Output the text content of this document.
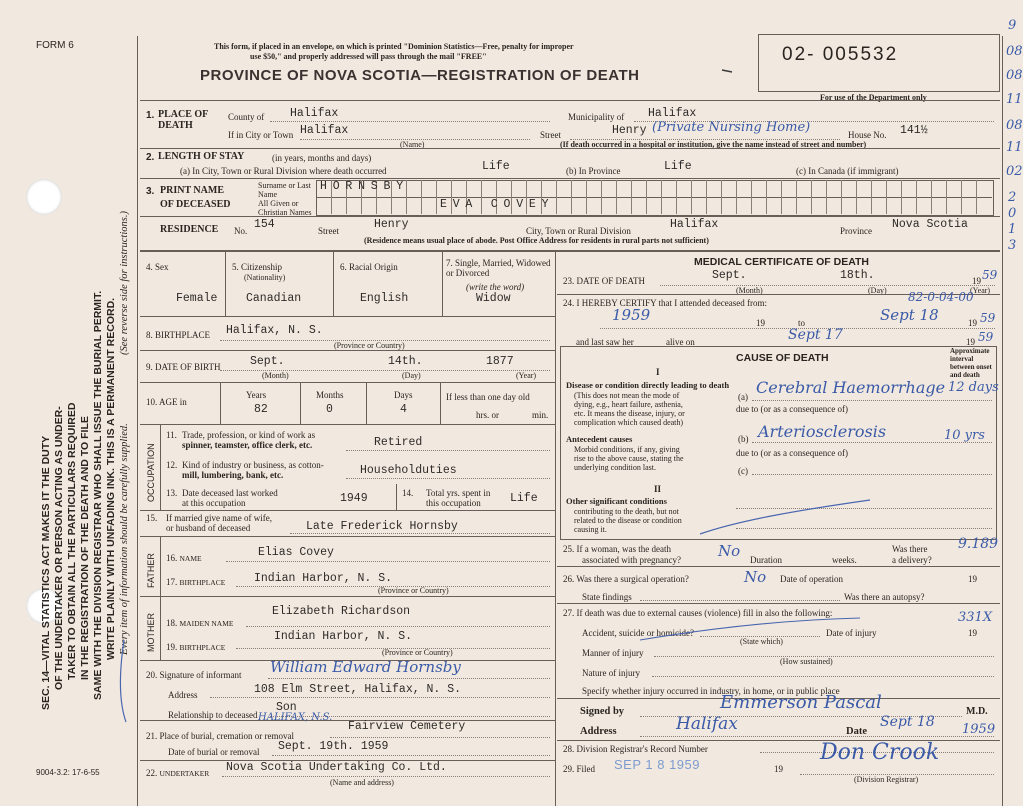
FORM 6
SEC. 14—VITAL STATISTICS ACT MAKES IT THE DUTY OF THE UNDERTAKER OR PERSON ACTING AS UNDER- TAKER TO OBTAIN ALL THE PARTICULARS REQUIRED IN THE REGISTRATION OF THE DEATH AND TO FILE SAME WITH THE DIVISION REGISTRAR WHO SHALL ISSUE THE BURIAL PERMIT. WRITE PLAINLY WITH UNFADING INK. THIS IS A PERMANENT RECORD. Every item of information should be carefully supplied.
(See reverse side for instructions.)
This form, if placed in an envelope, on which is printed "Dominion Statistics—Free, penalty for improper
use $50," and properly addressed will pass through the mail "FREE"
PROVINCE OF NOVA SCOTIA—REGISTRATION OF DEATH
02- 005532
For use of the Department only
9
08
08
11
08
11
02
2
0
1
3
1. PLACE OF DEATH
County of Halifax	Municipality of Halifax
If in City or Town Halifax
(Name)
Street	Henry (Private Nursing Home)	House No. 141½
(If death occurred in a hospital or institution, give the name instead of street and number)
2. LENGTH OF STAY	(in years, months and days)
(a) In City, Town or Rural Division where death occurred	Life	(b) In Province	Life	(c) In Canada (if immigrant)
3. PRINT NAME
OF DECEASED
Surname or Last Name
All Given or Christian Names
HORNSBY
EVA COVEY
RESIDENCE No. 154	Street	Henry	City, Town or Rural Division	Halifax	Province Nova Scotia
(Residence means usual place of abode. Post Office Address for residents in rural parts not sufficient)
4. Sex
Female
5. Citizenship
(Nationality)
Canadian
6. Racial Origin
English
7. Single, Married, Widowed or Divorced
(write the word)
Widow
8. BIRTHPLACE Halifax, N. S.
(Province or Country)
9. DATE OF BIRTH	Sept.	14th.	1877
(Month)	(Day)	(Year)
10. AGE in
Years	Months	Days
82	0	4
If less than one day old
hrs. or	min.
OCCUPATION
11. Trade, profession, or kind of work as
spinner, teamster, office clerk, etc.	Retired
12. Kind of industry or business, as cotton-
mill, lumbering, bank, etc.	Householduties
13. Date deceased last worked
at this occupation	1949	14. Total yrs. spent in
this occupation	Life
15. If married give name of wife,
or husband of deceased	Late Frederick Hornsby
FATHER 16. NAME	Elias Covey
17. BIRTHPLACE Indian Harbor, N. S.
(Province or Country)
MOTHER 18. MAIDEN NAME
Elizabeth Richardson
19. BIRTHPLACE
Indian Harbor, N. S.
(Province or Country)
20. Signature of informant William Edward Hornsby
Address	108 Elm Street, Halifax, N. S.
Relationship to deceased
Son
21. Place of burial, cremation or removal
HALIFAX, N.S.
Fairview Cemetery
Date of burial or removal Sept. 19th. 1959
22. UNDERTAKER Nova Scotia Undertaking Co. Ltd.
(Name and address)
9004-3.2: 17-6-55
MEDICAL CERTIFICATE OF DEATH
23. DATE OF DEATH	Sept.	18th.	19 59
(Month)	(Day)	(Year)
24. I HEREBY CERTIFY that I attended deceased from:	82-0-04-00
1959	19	to	Sept 18	19 59
and last saw her	alive on	Sept 17	19 59
CAUSE OF DEATH
Approximate interval between onset and death
I
Disease or condition directly leading to death
(This does not mean the mode of
dying, e.g., heart failure, asthenia,
etc. It means the disease, injury, or
complication which caused death)
(a) Cerebral Haemorrhage 12 days
due to (or as a consequence of)
Antecedent causes
Morbid conditions, if any, giving
rise to the above cause, stating the
underlying condition last.
(b) Arteriosclerosis	10 yrs
due to (or as a consequence of)
(c)
II
Other significant conditions
contributing to the death, but not
related to the disease or condition
causing it.
25. If a woman, was the death
associated with pregnancy? No Duration	weeks.
Was there
a delivery?
9.189
26. Was there a surgical operation?	No Date of operation	19
State findings	Was there an autopsy?
27. If death was due to external causes (violence) fill in also the following:	331X
Accident, suicide or homicide?
(State which)
Date of injury	19
Manner of injury
(How sustained)
Nature of injury
Specify whether injury occurred in industry, in home, or in public place
Signed by	Emmerson Pascal	M.D.
Address	Halifax	Date
Sept 18 1959
28. Division Registrar's Record Number
29. Filed SEP 1 8 1959	19
Don Crook
(Division Registrar)
